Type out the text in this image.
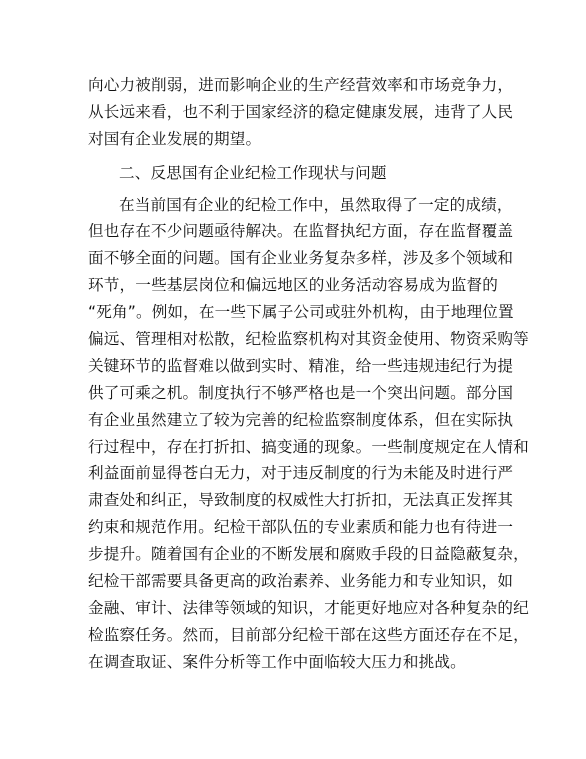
向心力被削弱，进而影响企业的生产经营效率和市场竞争力，
从长远来看，也不利于国家经济的稳定健康发展，违背了人民
对国有企业发展的期望。

二、反思国有企业纪检工作现状与问题

在当前国有企业的纪检工作中，虽然取得了一定的成绩，
但也存在不少问题亟待解决。在监督执纪方面，存在监督覆盖
面不够全面的问题。国有企业业务复杂多样，涉及多个领域和
环节，一些基层岗位和偏远地区的业务活动容易成为监督的
“死角”。例如，在一些下属子公司或驻外机构，由于地理位置
偏远、管理相对松散，纪检监察机构对其资金使用、物资采购等
关键环节的监督难以做到实时、精准，给一些违规违纪行为提
供了可乘之机。制度执行不够严格也是一个突出问题。部分国
有企业虽然建立了较为完善的纪检监察制度体系，但在实际执
行过程中，存在打折扣、搞变通的现象。一些制度规定在人情和
利益面前显得苍白无力，对于违反制度的行为未能及时进行严
肃查处和纠正，导致制度的权威性大打折扣，无法真正发挥其
约束和规范作用。纪检干部队伍的专业素质和能力也有待进一
步提升。随着国有企业的不断发展和腐败手段的日益隐蔽复杂，
纪检干部需要具备更高的政治素养、业务能力和专业知识，如
金融、审计、法律等领域的知识，才能更好地应对各种复杂的纪
检监察任务。然而，目前部分纪检干部在这些方面还存在不足，
在调查取证、案件分析等工作中面临较大压力和挑战。
